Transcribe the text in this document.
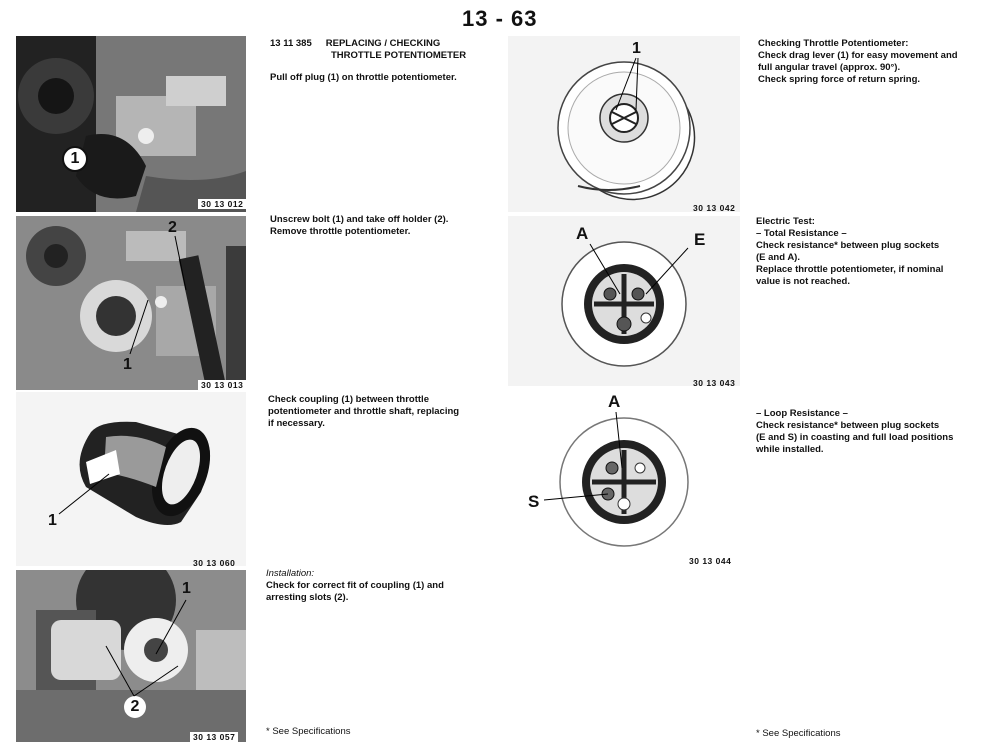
13 - 63
1
30 13 012
2
1
30 13 013
1
30 13 060
1
2
30 13 057
13 11 385 REPLACING / CHECKING
THROTTLE POTENTIOMETER

Pull off plug (1) on throttle potentiometer.

Unscrew bolt (1) and take off holder (2).

Remove throttle potentiometer.

Check coupling (1) between throttle

potentiometer and throttle shaft, replacing

if necessary.

Installation:

Check for correct fit of coupling (1) and

arresting slots (2).

* See Specifications
1
30 13 042
A	E
30 13 043
A
S
30 13 044

Checking Throttle Potentiometer:

Check drag lever (1) for easy movement and

full angular travel (approx. 90°).

Check spring force of return spring.

Electric Test:

– Total Resistance –

Check resistance* between plug sockets

(E and A).

Replace throttle potentiometer, if nominal

value is not reached.

– Loop Resistance –

Check resistance* between plug sockets

(E and S) in coasting and full load positions

while installed.

* See Specifications
